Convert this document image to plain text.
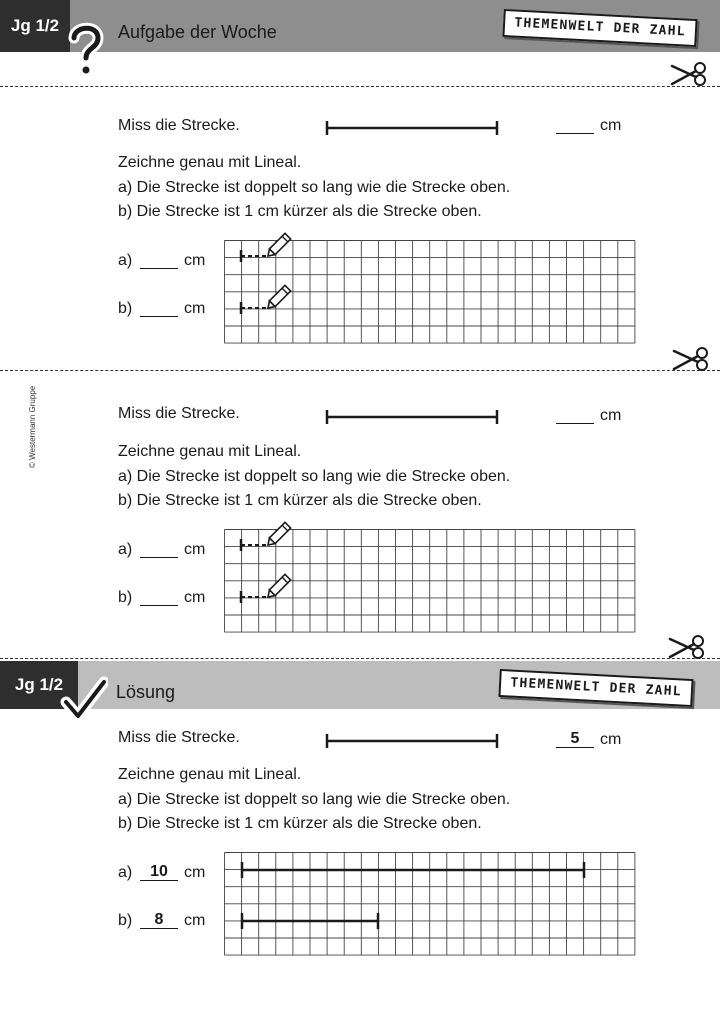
Jg 1/2	Aufgabe der Woche	THEMENWELT DER ZAHL
Miss die Strecke.	cm
Zeichne genau mit Lineal.
a) Die Strecke ist doppelt so lang wie die Strecke oben.
b) Die Strecke ist 1 cm kürzer als die Strecke oben.
a)	cm
b)	cm
© Westermann Gruppe	Miss die Strecke.	cm
Zeichne genau mit Lineal.
a) Die Strecke ist doppelt so lang wie die Strecke oben.
b) Die Strecke ist 1 cm kürzer als die Strecke oben.
a)	cm
b)	cm
Jg 1/2	Lösung	THEMENWELT DER ZAHL
Miss die Strecke.	5	cm
Zeichne genau mit Lineal.
a) Die Strecke ist doppelt so lang wie die Strecke oben.
b) Die Strecke ist 1 cm kürzer als die Strecke oben.
a)	10	cm
b)	8	cm
